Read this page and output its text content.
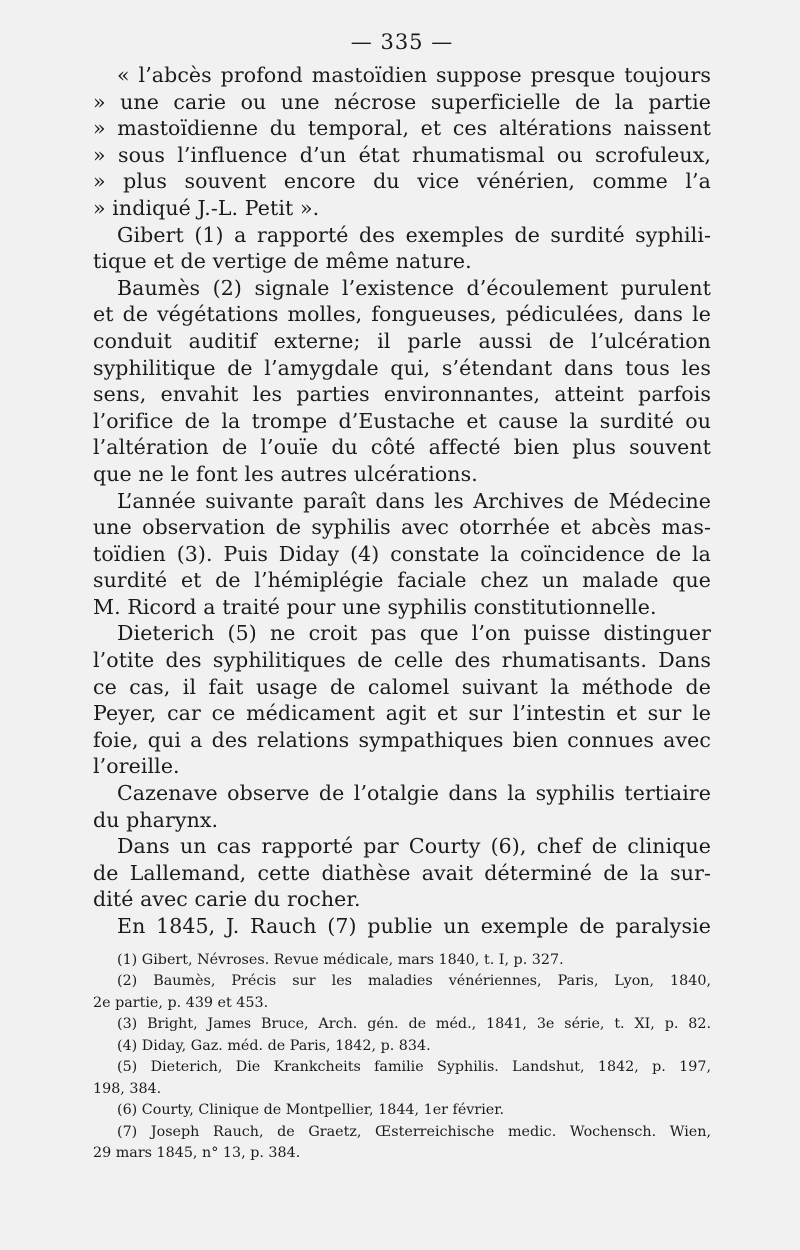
— 335 —

« l’abcès profond mastoïdien suppose presque toujours
» une carie ou une nécrose superficielle de la partie
» mastoïdienne du temporal, et ces altérations naissent
» sous l’influence d’un état rhumatismal ou scrofuleux,
» plus souvent encore du vice vénérien, comme l’a
» indiqué J.-L. Petit ».

Gibert (1) a rapporté des exemples de surdité syphili-
tique et de vertige de même nature.

Baumès (2) signale l’existence d’écoulement purulent
et de végétations molles, fongueuses, pédiculées, dans le
conduit auditif externe; il parle aussi de l’ulcération
syphilitique de l’amygdale qui, s’étendant dans tous les
sens, envahit les parties environnantes, atteint parfois
l’orifice de la trompe d’Eustache et cause la surdité ou
l’altération de l’ouïe du côté affecté bien plus souvent
que ne le font les autres ulcérations.

L’année suivante paraît dans les Archives de Médecine
une observation de syphilis avec otorrhée et abcès mas-
toïdien (3). Puis Diday (4) constate la coïncidence de la
surdité et de l’hémiplégie faciale chez un malade que
M. Ricord a traité pour une syphilis constitutionnelle.

Dieterich (5) ne croit pas que l’on puisse distinguer
l’otite des syphilitiques de celle des rhumatisants. Dans
ce cas, il fait usage de calomel suivant la méthode de
Peyer, car ce médicament agit et sur l’intestin et sur le
foie, qui a des relations sympathiques bien connues avec
l’oreille.

Cazenave observe de l’otalgie dans la syphilis tertiaire
du pharynx.

Dans un cas rapporté par Courty (6), chef de clinique
de Lallemand, cette diathèse avait déterminé de la sur-
dité avec carie du rocher.

En 1845, J. Rauch (7) publie un exemple de paralysie

(1) Gibert, Névroses. Revue médicale, mars 1840, t. I, p. 327.

(2) Baumès, Précis sur les maladies vénériennes, Paris, Lyon, 1840,
2e partie, p. 439 et 453.

(3) Bright, James Bruce, Arch. gén. de méd., 1841, 3e série, t. XI, p. 82.

(4) Diday, Gaz. méd. de Paris, 1842, p. 834.

(5) Dieterich, Die Krankcheits familie Syphilis. Landshut, 1842, p. 197,
198, 384.

(6) Courty, Clinique de Montpellier, 1844, 1er février.

(7) Joseph Rauch, de Graetz, Œsterreichische medic. Wochensch. Wien,
29 mars 1845, n° 13, p. 384.
